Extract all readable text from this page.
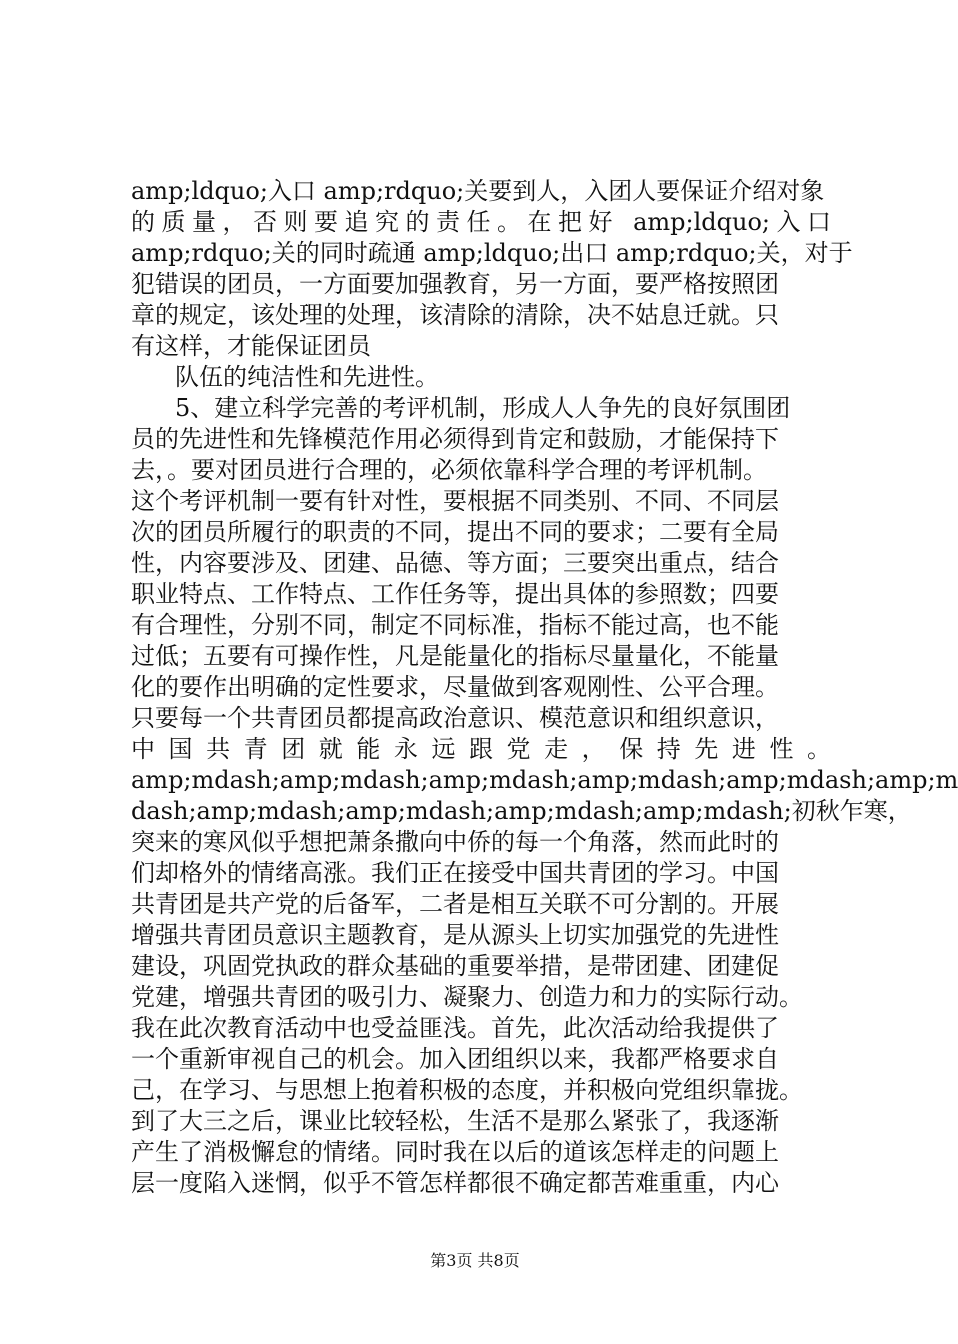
amp;ldquo;入口 amp;rdquo;关要到人，入团人要保证介绍对象
的质量，否则要追究的责任。在把好 amp;ldquo;入口
amp;rdquo;关的同时疏通 amp;ldquo;出口 amp;rdquo;关，对于
犯错误的团员，一方面要加强教育，另一方面，要严格按照团
章的规定，该处理的处理，该清除的清除，决不姑息迁就。只
有这样，才能保证团员
队伍的纯洁性和先进性。
5、建立科学完善的考评机制，形成人人争先的良好氛围团
员的先进性和先锋模范作用必须得到肯定和鼓励，才能保持下
去，。要对团员进行合理的，必须依靠科学合理的考评机制。
这个考评机制一要有针对性，要根据不同类别、不同、不同层
次的团员所履行的职责的不同，提出不同的要求；二要有全局
性，内容要涉及、团建、品德、等方面；三要突出重点，结合
职业特点、工作特点、工作任务等，提出具体的参照数；四要
有合理性，分别不同，制定不同标准，指标不能过高，也不能
过低；五要有可操作性，凡是能量化的指标尽量量化，不能量
化的要作出明确的定性要求，尽量做到客观刚性、公平合理。
只要每一个共青团员都提高政治意识、模范意识和组织意识，
中国共青团就能永远跟党走，保持先进性。
amp;mdash;amp;mdash;amp;mdash;amp;mdash;amp;mdash;amp;m
dash;amp;mdash;amp;mdash;amp;mdash;amp;mdash;初秋乍寒，
突来的寒风似乎想把萧条撒向中侨的每一个角落，然而此时的
们却格外的情绪高涨。我们正在接受中国共青团的学习。中国
共青团是共产党的后备军，二者是相互关联不可分割的。开展
增强共青团员意识主题教育，是从源头上切实加强党的先进性
建设，巩固党执政的群众基础的重要举措，是带团建、团建促
党建，增强共青团的吸引力、凝聚力、创造力和力的实际行动。
我在此次教育活动中也受益匪浅。首先，此次活动给我提供了
一个重新审视自己的机会。加入团组织以来，我都严格要求自
己，在学习、与思想上抱着积极的态度，并积极向党组织靠拢。
到了大三之后，课业比较轻松，生活不是那么紧张了，我逐渐
产生了消极懈怠的情绪。同时我在以后的道该怎样走的问题上
层一度陷入迷惘，似乎不管怎样都很不确定都苦难重重，内心
第3页 共8页
